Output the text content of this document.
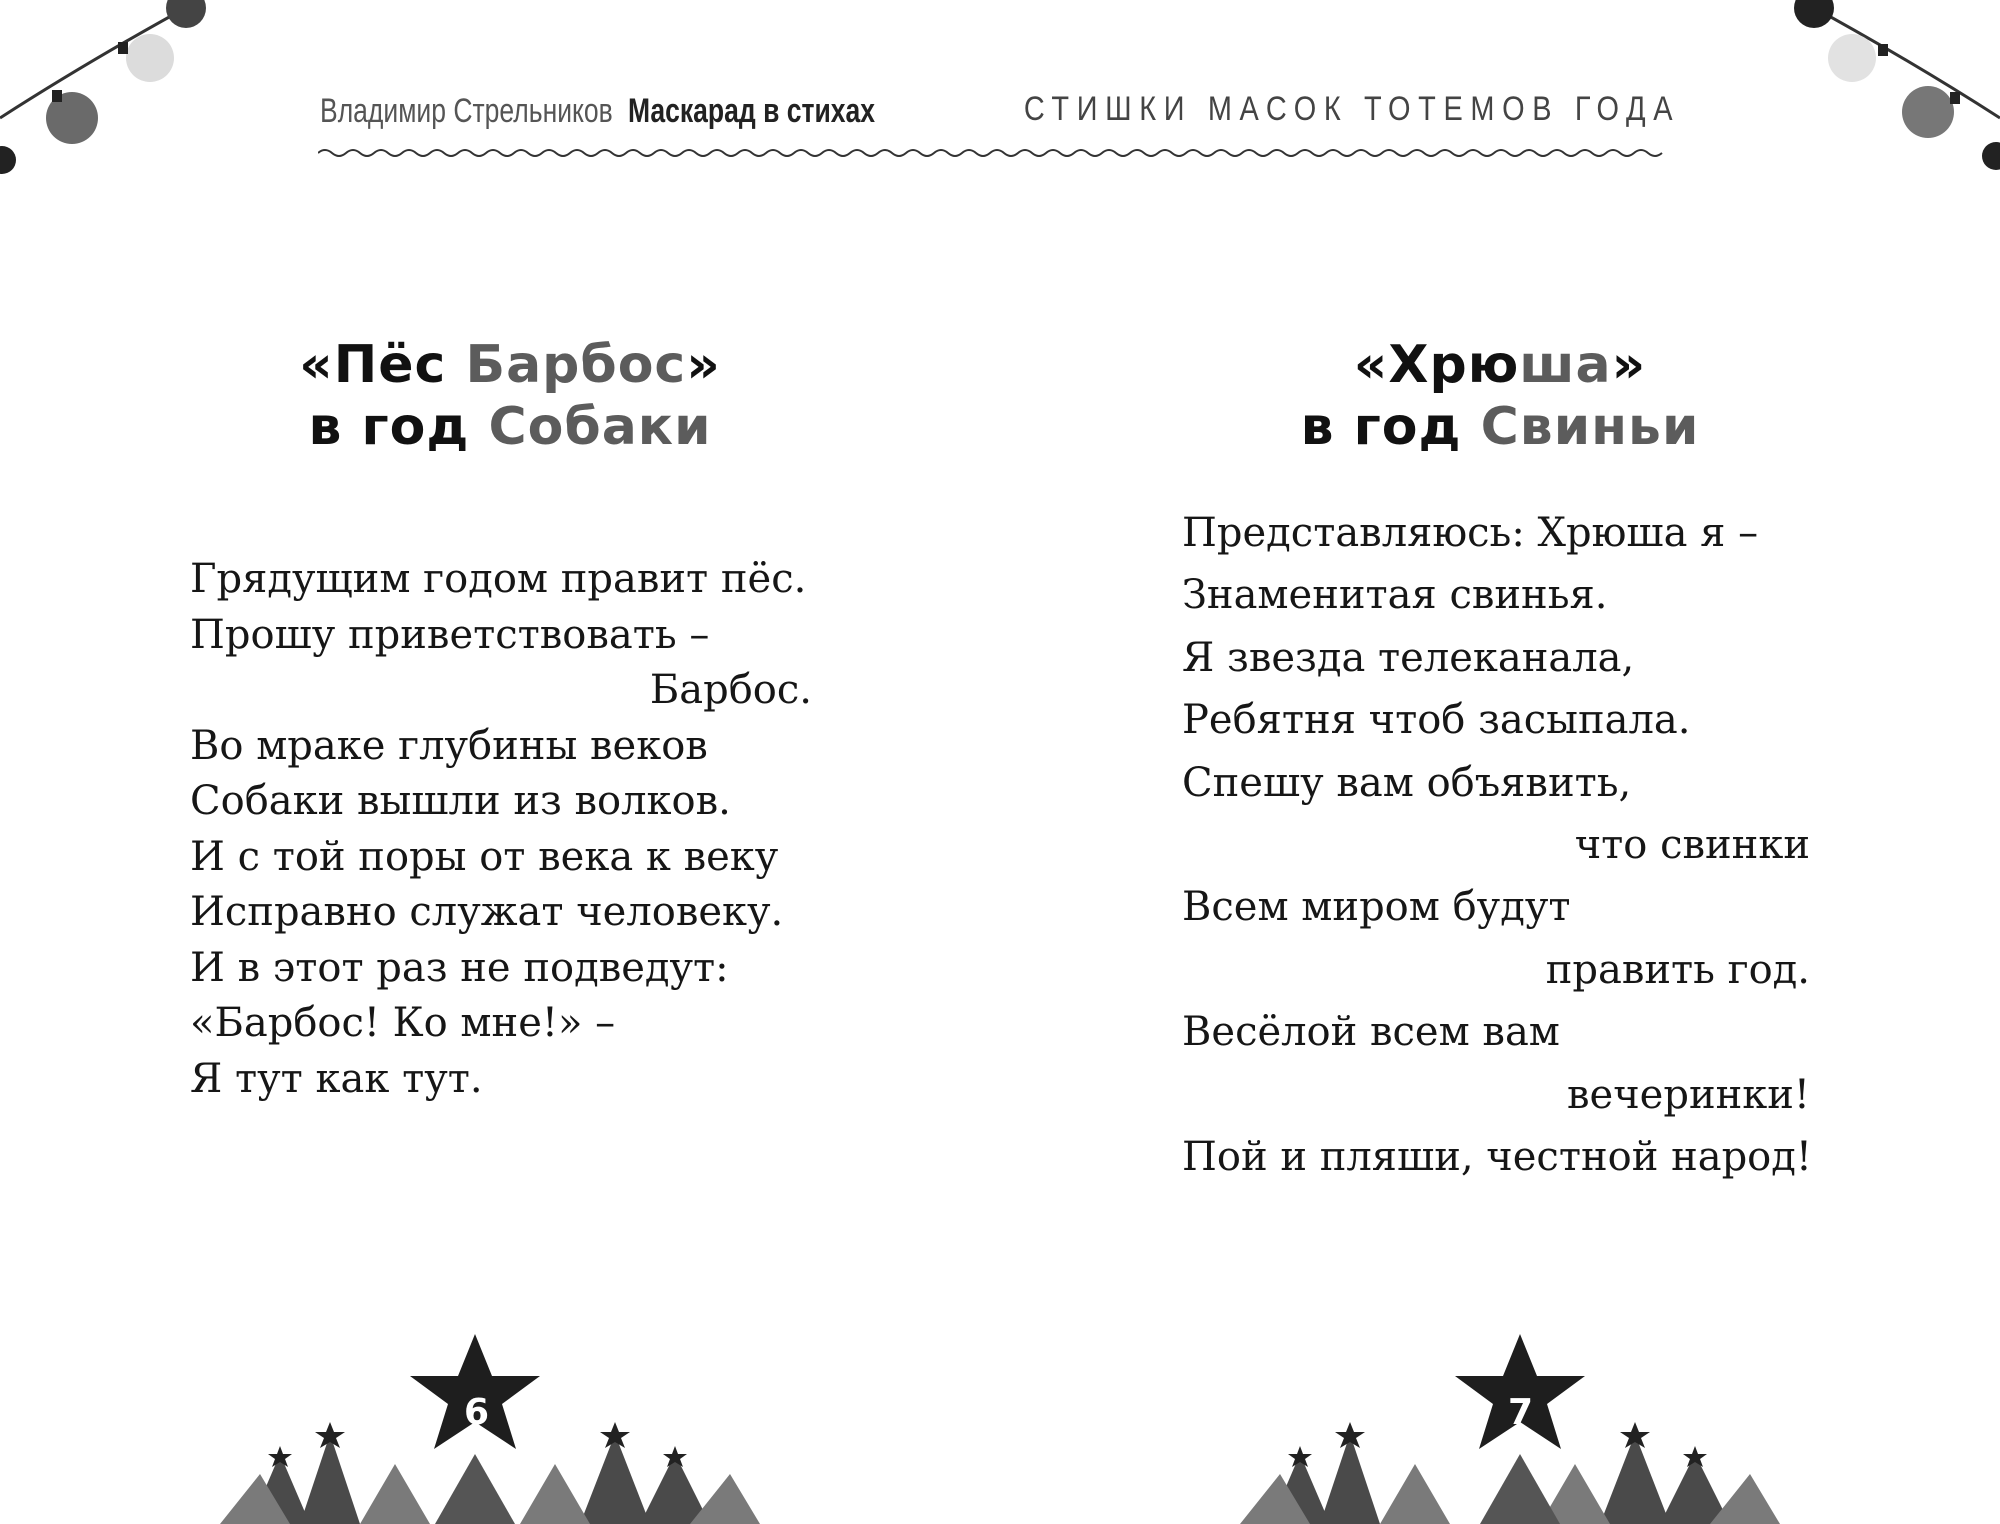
Владимир Стрельников Маскарад в стихах	СТИШКИ МАСОК ТОТЕМОВ ГОДА
«Пёс Барбос»
в год Собаки
«Хрюша»
в год Свиньи
Грядущим годом правит пёс.
Прошу приветствовать –
Барбос.
Во мраке глубины веков
Собаки вышли из волков.
И с той поры от века к веку
Исправно служат человеку.
И в этот раз не подведут:
«Барбос! Ко мне!» –
Я тут как тут.
Представляюсь: Хрюша я –
Знаменитая свинья.
Я звезда телеканала,
Ребятня чтоб засыпала.
Спешу вам объявить,
что свинки
Всем миром будут
править год.
Весёлой всем вам
вечеринки!
Пой и пляши, честной народ!
6	7
